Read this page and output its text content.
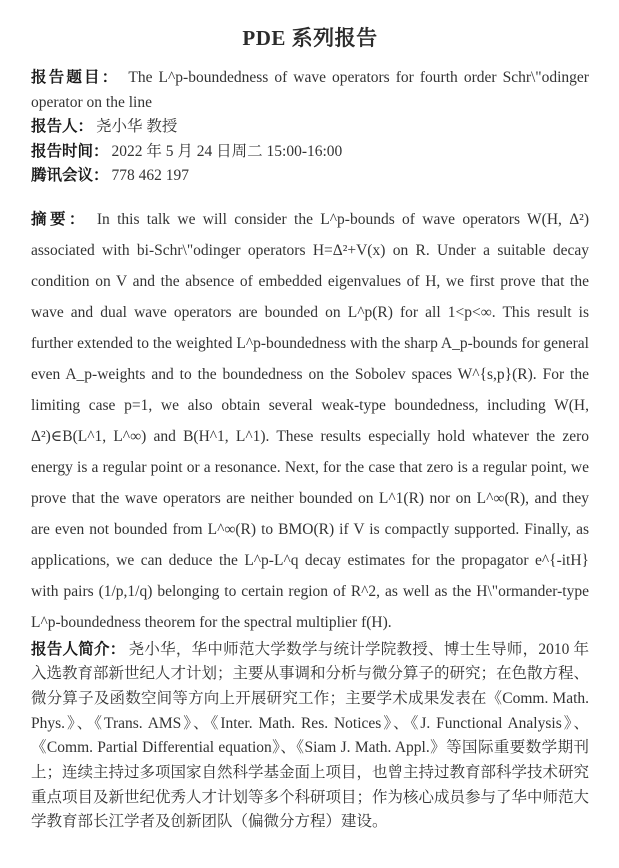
PDE 系列报告

报告题目： The L^p-boundedness of wave operators for fourth order Schr\"odinger operator on the line

报告人： 尧小华 教授

报告时间： 2022 年 5 月 24 日周二 15:00-16:00

腾讯会议： 778 462 197

摘要： In this talk we will consider the L^p-bounds of wave operators W(H, Δ²) associated with bi-Schr\"odinger operators H=Δ²+V(x) on R. Under a suitable decay condition on V and the absence of embedded eigenvalues of H, we first prove that the wave and dual wave operators are bounded on L^p(R) for all 1<p<∞. This result is further extended to the weighted L^p-boundedness with the sharp A_p-bounds for general even A_p-weights and to the boundedness on the Sobolev spaces W^{s,p}(R). For the limiting case p=1, we also obtain several weak-type boundedness, including W(H, Δ²)∈B(L^1, L^∞) and B(H^1, L^1). These results especially hold whatever the zero energy is a regular point or a resonance. Next, for the case that zero is a regular point, we prove that the wave operators are neither bounded on L^1(R) nor on L^∞(R), and they are even not bounded from L^∞(R) to BMO(R) if V is compactly supported. Finally, as applications, we can deduce the L^p-L^q decay estimates for the propagator e^{-itH} with pairs (1/p,1/q) belonging to certain region of R^2, as well as the H\"ormander-type L^p-boundedness theorem for the spectral multiplier f(H).

报告人简介： 尧小华，华中师范大学数学与统计学院教授、博士生导师，2010 年入选教育部新世纪人才计划；主要从事调和分析与微分算子的研究；在色散方程、微分算子及函数空间等方向上开展研究工作；主要学术成果发表在《Comm. Math. Phys.》、《Trans. AMS》、《Inter. Math. Res. Notices》、《J. Functional Analysis》、《Comm. Partial Differential equation》、《Siam J. Math. Appl.》等国际重要数学期刊上；连续主持过多项国家自然科学基金面上项目，也曾主持过教育部科学技术研究重点项目及新世纪优秀人才计划等多个科研项目；作为核心成员参与了华中师范大学教育部长江学者及创新团队（偏微分方程）建设。
